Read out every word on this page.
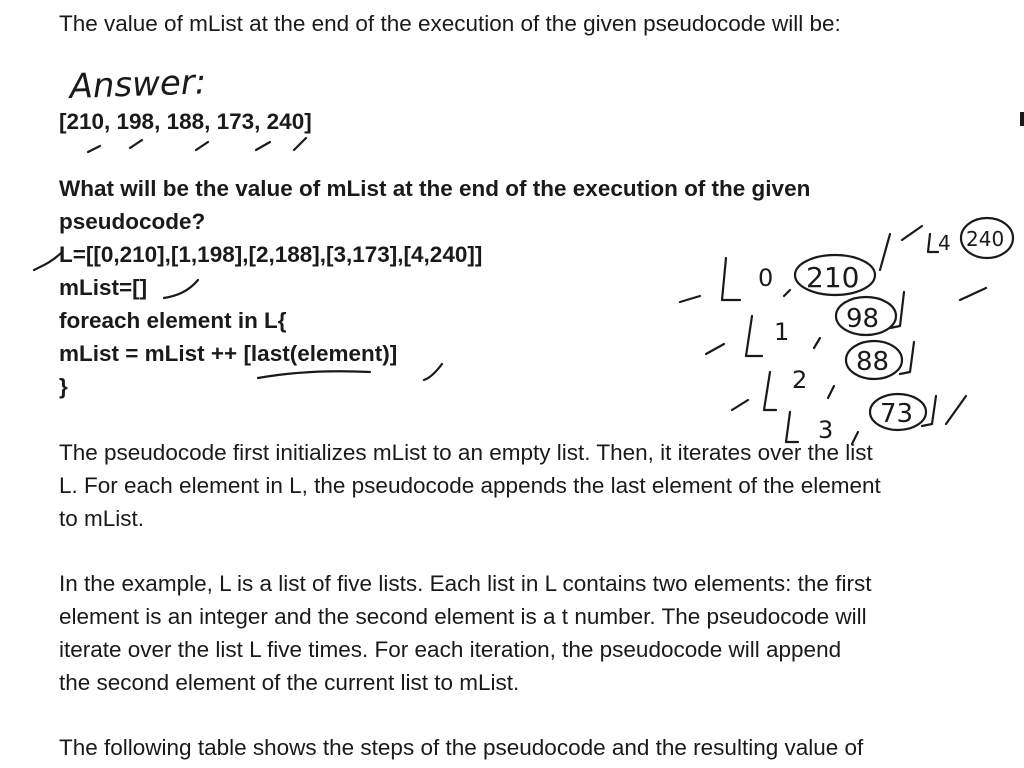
The value of mList at the end of the execution of the given pseudocode will be:
[210, 198, 188, 173, 240]
What will be the value of mList at the end of the execution of the given
pseudocode?
L=[[0,210],[1,198],[2,188],[3,173],[4,240]]
mList=[]
foreach element in L{
mList = mList ++ [last(element)]
}
The pseudocode first initializes mList to an empty list. Then, it iterates over the list
L. For each element in L, the pseudocode appends the last element of the element
to mList.
In the example, L is a list of five lists. Each list in L contains two elements: the first
element is an integer and the second element is a t number. The pseudocode will
iterate over the list L five times. For each iteration, the pseudocode will append
the second element of the current list to mList.
The following table shows the steps of the pseudocode and the resulting value of
Answer:
0 210
4 240
1 98
2
88
3
73
